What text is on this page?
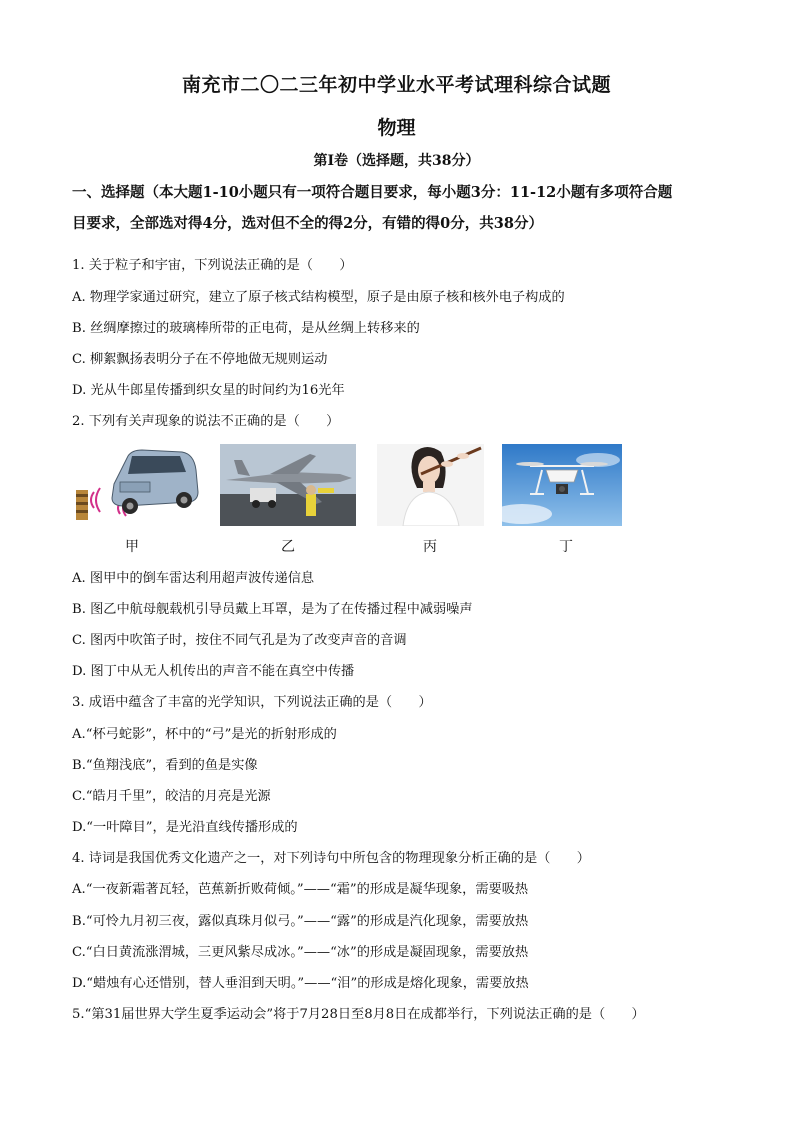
南充市二〇二三年初中学业水平考试理科综合试题
物理
第I卷（选择题，共38分）
一、选择题（本大题1-10小题只有一项符合题目要求，每小题3分：11-12小题有多项符合题
目要求，全部选对得4分，选对但不全的得2分，有错的得0分，共38分）
1. 关于粒子和宇宙，下列说法正确的是（　　）
A. 物理学家通过研究，建立了原子核式结构模型，原子是由原子核和核外电子构成的
B. 丝绸摩擦过的玻璃棒所带的正电荷，是从丝绸上转移来的
C. 柳絮飘扬表明分子在不停地做无规则运动
D. 光从牛郎星传播到织女星的时间约为16光年
2. 下列有关声现象的说法不正确的是（　　）
甲	乙	丙	丁
A. 图甲中的倒车雷达利用超声波传递信息
B. 图乙中航母舰载机引导员戴上耳罩，是为了在传播过程中减弱噪声
C. 图丙中吹笛子时，按住不同气孔是为了改变声音的音调
D. 图丁中从无人机传出的声音不能在真空中传播
3. 成语中蕴含了丰富的光学知识，下列说法正确的是（　　）
A.“杯弓蛇影”，杯中的“弓”是光的折射形成的
B.“鱼翔浅底”，看到的鱼是实像
C.“皓月千里”，皎洁的月亮是光源
D.“一叶障目”，是光沿直线传播形成的
4. 诗词是我国优秀文化遗产之一，对下列诗句中所包含的物理现象分析正确的是（　　）
A.“一夜新霜著瓦轻，芭蕉新折败荷倾。”——“霜”的形成是凝华现象，需要吸热
B.“可怜九月初三夜，露似真珠月似弓。”——“露”的形成是汽化现象，需要放热
C.“白日黄流涨渭城，三更风紫尽成冰。”——“冰”的形成是凝固现象，需要放热
D.“蜡烛有心还惜别，替人垂泪到天明。”——“泪”的形成是熔化现象，需要放热
5.“第31届世界大学生夏季运动会”将于7月28日至8月8日在成都举行，下列说法正确的是（　　）
